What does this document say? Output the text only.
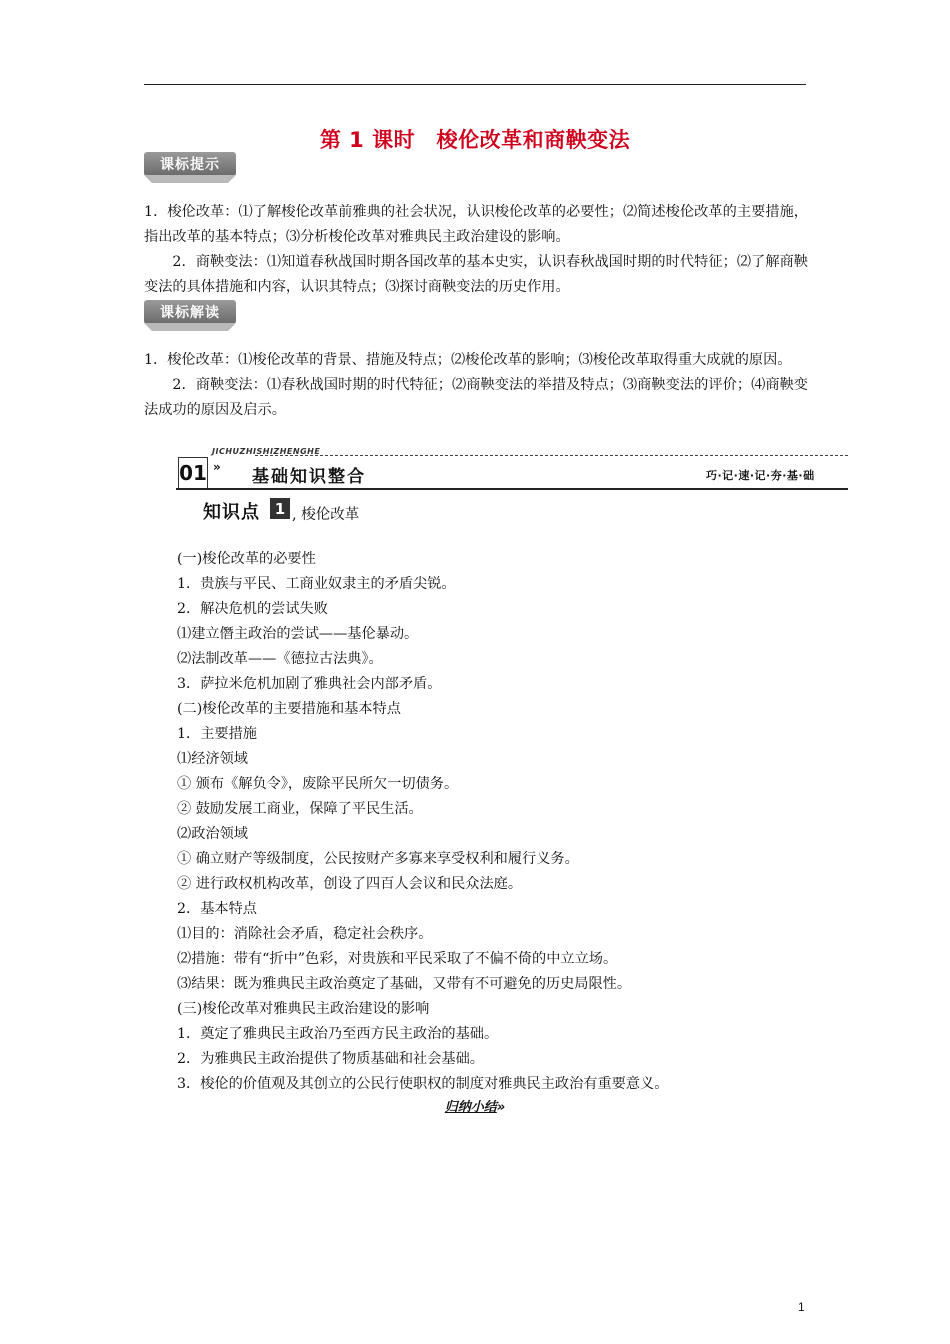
第 1 课时　梭伦改革和商鞅变法
课标提示

1．梭伦改革：⑴了解梭伦改革前雅典的社会状况，认识梭伦改革的必要性；⑵简述梭伦改革的主要措施，指出改革的基本特点；⑶分析梭伦改革对雅典民主政治建设的影响。

2．商鞅变法：⑴知道春秋战国时期各国改革的基本史实，认识春秋战国时期的时代特征；⑵了解商鞅变法的具体措施和内容，认识其特点；⑶探讨商鞅变法的历史作用。

课标解读

1．梭伦改革：⑴梭伦改革的背景、措施及特点；⑵梭伦改革的影响；⑶梭伦改革取得重大成就的原因。

2．商鞅变法：⑴春秋战国时期的时代特征；⑵商鞅变法的举措及特点；⑶商鞅变法的评价；⑷商鞅变法成功的原因及启示。

JICHUZHISHIZHENGHE
01 » 基础知识整合	巧·记·速·记·夯·基·础
知识点 1 , 梭伦改革
(一)梭伦改革的必要性
1．贵族与平民、工商业奴隶主的矛盾尖锐。
2．解决危机的尝试失败
⑴建立僭主政治的尝试——基伦暴动。
⑵法制改革——《德拉古法典》。
3．萨拉米危机加剧了雅典社会内部矛盾。
(二)梭伦改革的主要措施和基本特点
1．主要措施
⑴经济领域
① 颁布《解负令》，废除平民所欠一切债务。
② 鼓励发展工商业，保障了平民生活。
⑵政治领域
① 确立财产等级制度，公民按财产多寡来享受权利和履行义务。
② 进行政权机构改革，创设了四百人会议和民众法庭。
2．基本特点
⑴目的：消除社会矛盾，稳定社会秩序。
⑵措施：带有“折中”色彩，对贵族和平民采取了不偏不倚的中立立场。
⑶结果：既为雅典民主政治奠定了基础，又带有不可避免的历史局限性。
(三)梭伦改革对雅典民主政治建设的影响
1．奠定了雅典民主政治乃至西方民主政治的基础。
2．为雅典民主政治提供了物质基础和社会基础。
3．梭伦的价值观及其创立的公民行使职权的制度对雅典民主政治有重要意义。
归纳小结»
1
